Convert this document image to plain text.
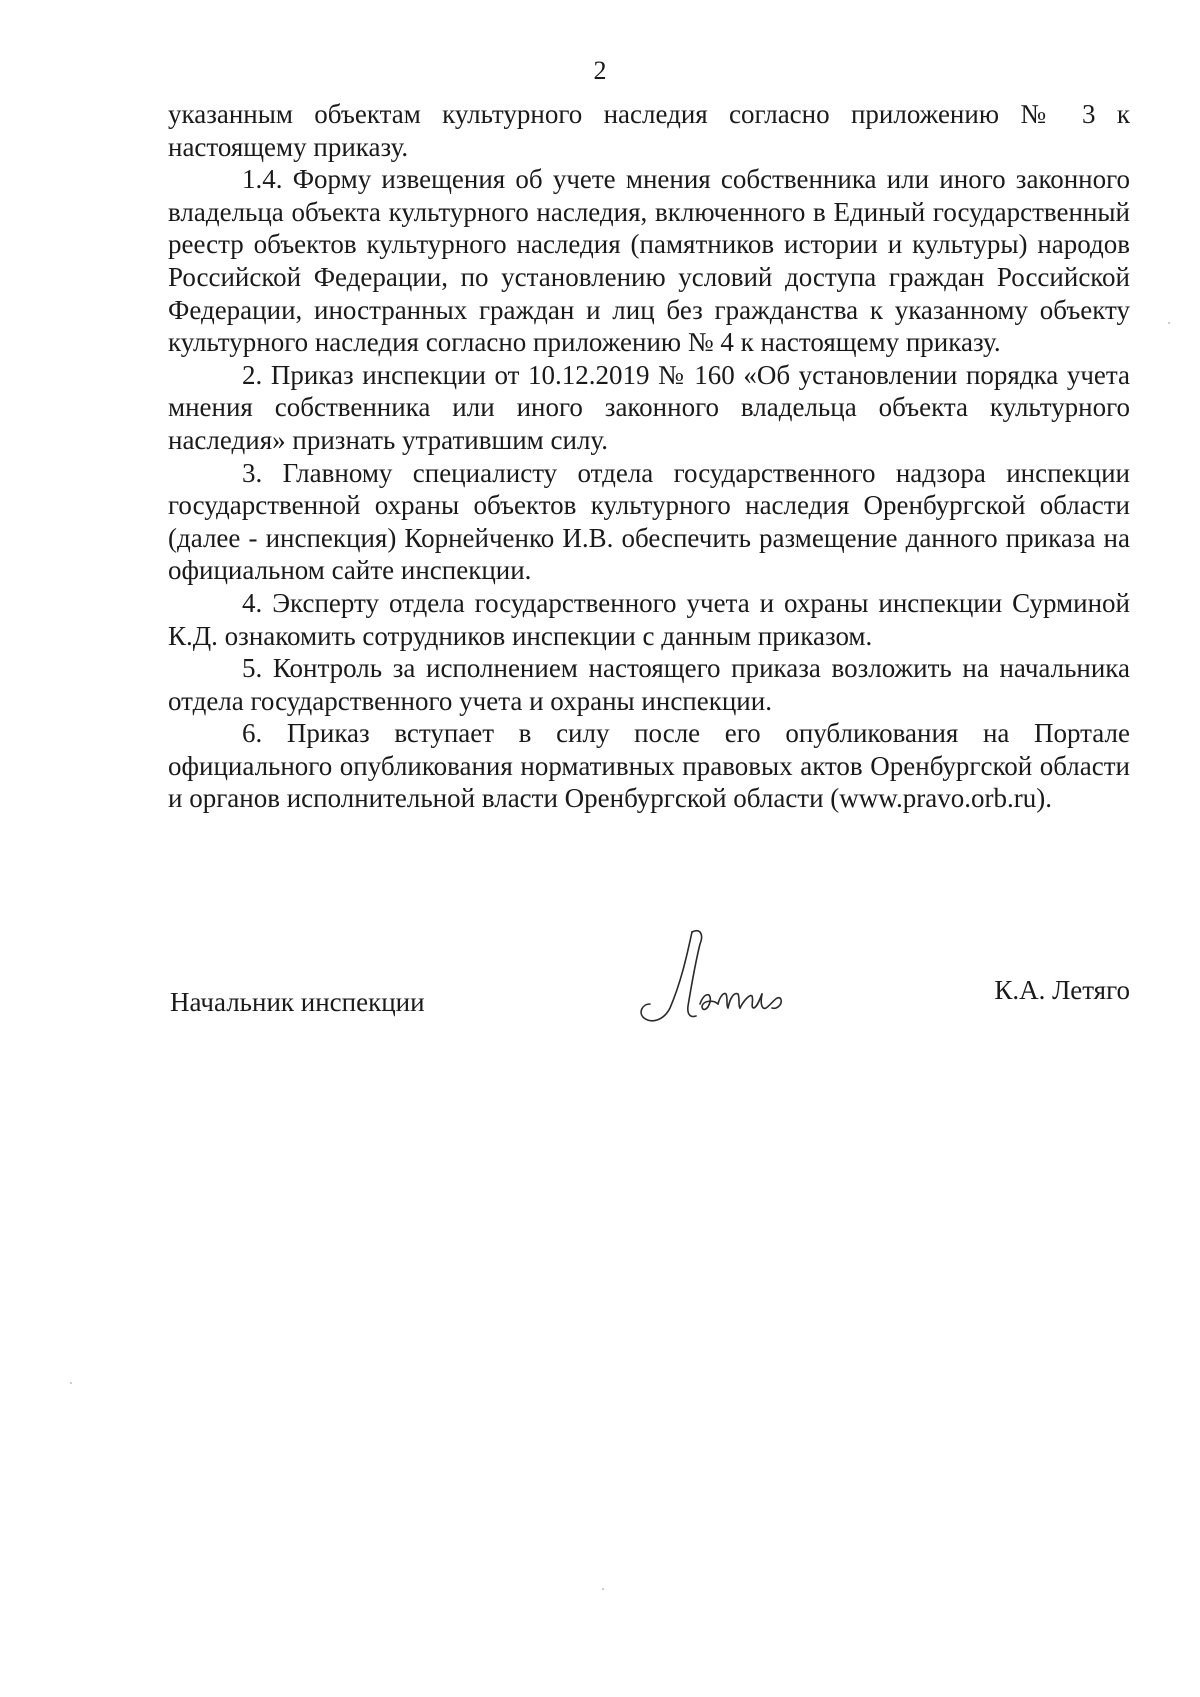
2

указанным объектам культурного наследия согласно приложению № 3 к настоящему приказу.

1.4. Форму извещения об учете мнения собственника или иного законного владельца объекта культурного наследия, включенного в Единый государственный реестр объектов культурного наследия (памятников истории и культуры) народов Российской Федерации, по установлению условий доступа граждан Российской Федерации, иностранных граждан и лиц без гражданства к указанному объекту культурного наследия согласно приложению № 4 к настоящему приказу.

2. Приказ инспекции от 10.12.2019 № 160 «Об установлении порядка учета мнения собственника или иного законного владельца объекта культурного наследия» признать утратившим силу.

3. Главному специалисту отдела государственного надзора инспекции государственной охраны объектов культурного наследия Оренбургской области (далее - инспекция) Корнейченко И.В. обеспечить размещение данного приказа на официальном сайте инспекции.

4. Эксперту отдела государственного учета и охраны инспекции Сурминой К.Д. ознакомить сотрудников инспекции с данным приказом.

5. Контроль за исполнением настоящего приказа возложить на начальника отдела государственного учета и охраны инспекции.

6. Приказ вступает в силу после его опубликования на Портале официального опубликования нормативных правовых актов Оренбургской области и органов исполнительной власти Оренбургской области (www.pravo.orb.ru).

Начальник инспекции	К.А. Летяго
